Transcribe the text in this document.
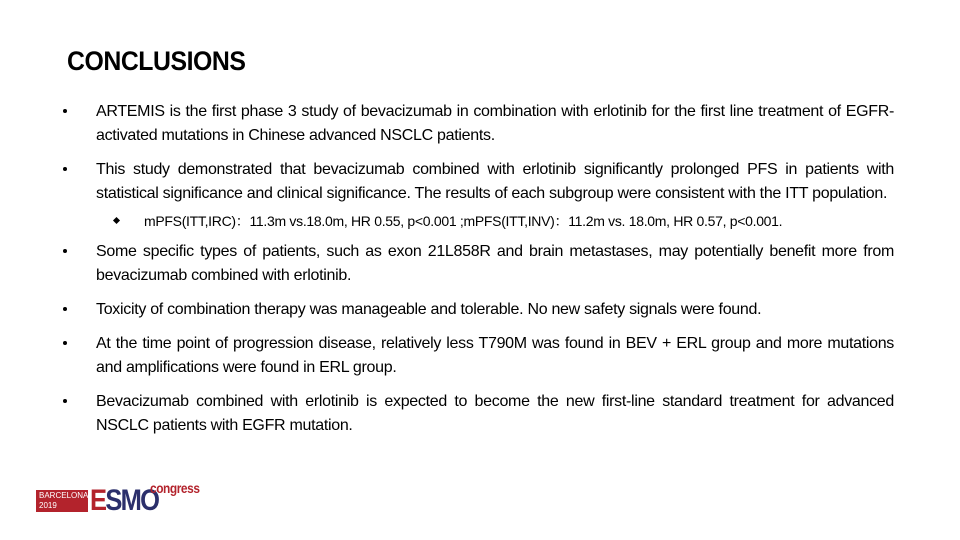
CONCLUSIONS
ARTEMIS is the first phase 3 study of bevacizumab in combination with erlotinib for the first line treatment of EGFR-activated mutations in Chinese advanced NSCLC patients.
This study demonstrated that bevacizumab combined with erlotinib significantly prolonged PFS in patients with statistical significance and clinical significance. The results of each subgroup were consistent with the ITT population.
mPFS(ITT,IRC)：11.3m vs.18.0m, HR 0.55, p<0.001 ;mPFS(ITT,INV)：11.2m vs. 18.0m, HR 0.57, p<0.001.
Some specific types of patients, such as exon 21L858R and brain metastases, may potentially benefit more from bevacizumab combined with erlotinib.
Toxicity of combination therapy was manageable and tolerable. No new safety signals were found.
At the time point of progression disease, relatively less T790M was found in BEV + ERL group and more mutations and amplifications were found in ERL group.
Bevacizumab combined with erlotinib is expected to become the new first-line standard treatment for advanced NSCLC patients with EGFR mutation.
BARCELONA
2019	ESMO
congress
